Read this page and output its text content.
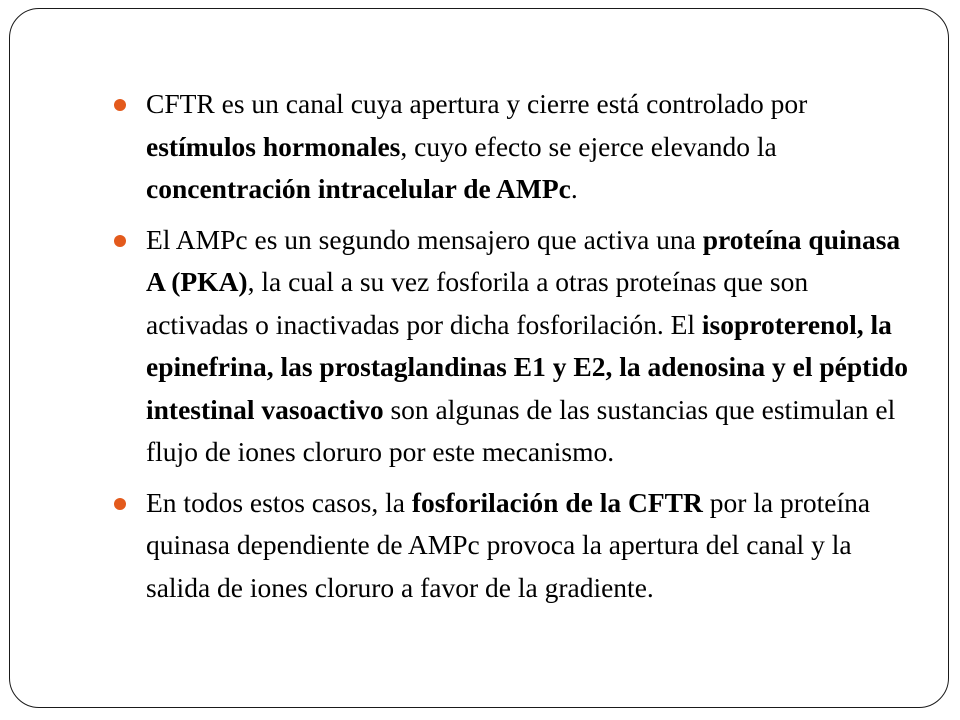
CFTR es un canal cuya apertura y cierre está controlado por estímulos hormonales, cuyo efecto se ejerce elevando la concentración intracelular de AMPc.
El AMPc es un segundo mensajero que activa una proteína quinasa A (PKA), la cual a su vez fosforila a otras proteínas que son activadas o inactivadas por dicha fosforilación. El isoproterenol, la epinefrina, las prostaglandinas E1 y E2, la adenosina y el péptido intestinal vasoactivo son algunas de las sustancias que estimulan el flujo de iones cloruro por este mecanismo.
En todos estos casos, la fosforilación de la CFTR por la proteína quinasa dependiente de AMPc provoca la apertura del canal y la salida de iones cloruro a favor de la gradiente.
